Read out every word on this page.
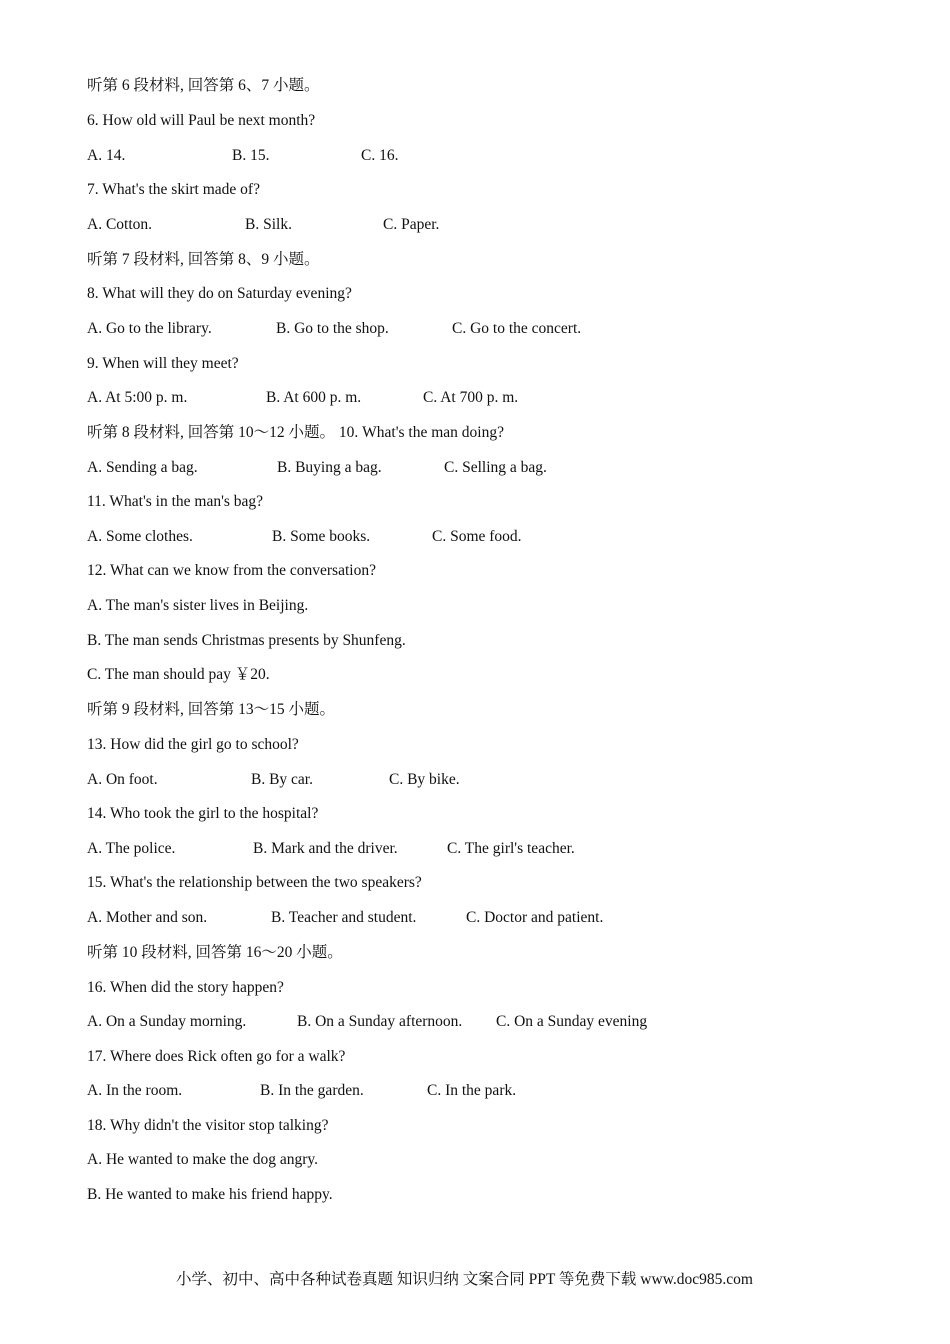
听第 6 段材料, 回答第 6、7 小题。
6. How old will Paul be next month?
A. 14.	B. 15.	C. 16.
7. What's the skirt made of?
A. Cotton.	B. Silk.	C. Paper.
听第 7 段材料, 回答第 8、9 小题。
8. What will they do on Saturday evening?
A. Go to the library.	B. Go to the shop.	C. Go to the concert.
9. When will they meet?
A. At 5:00 p. m.	B. At 600 p. m.	C. At 700 p. m.
听第 8 段材料, 回答第 10～12 小题。 10. What's the man doing?
A. Sending a bag.	B. Buying a bag.	C. Selling a bag.
11. What's in the man's bag?
A. Some clothes.	B. Some books.	C. Some food.
12. What can we know from the conversation?
A. The man's sister lives in Beijing.
B. The man sends Christmas presents by Shunfeng.
C. The man should pay ￥20.
听第 9 段材料, 回答第 13～15 小题。
13. How did the girl go to school?
A. On foot.	B. By car.	C. By bike.
14. Who took the girl to the hospital?
A. The police.	B. Mark and the driver.	C. The girl's teacher.
15. What's the relationship between the two speakers?
A. Mother and son.	B. Teacher and student.	C. Doctor and patient.
听第 10 段材料, 回答第 16～20 小题。
16. When did the story happen?
A. On a Sunday morning.	B. On a Sunday afternoon. C. On a Sunday evening
17. Where does Rick often go for a walk?
A. In the room.	B. In the garden.	C. In the park.
18. Why didn't the visitor stop talking?
A. He wanted to make the dog angry.
B. He wanted to make his friend happy.
小学、初中、高中各种试卷真题 知识归纳 文案合同 PPT 等免费下载 www.doc985.com
